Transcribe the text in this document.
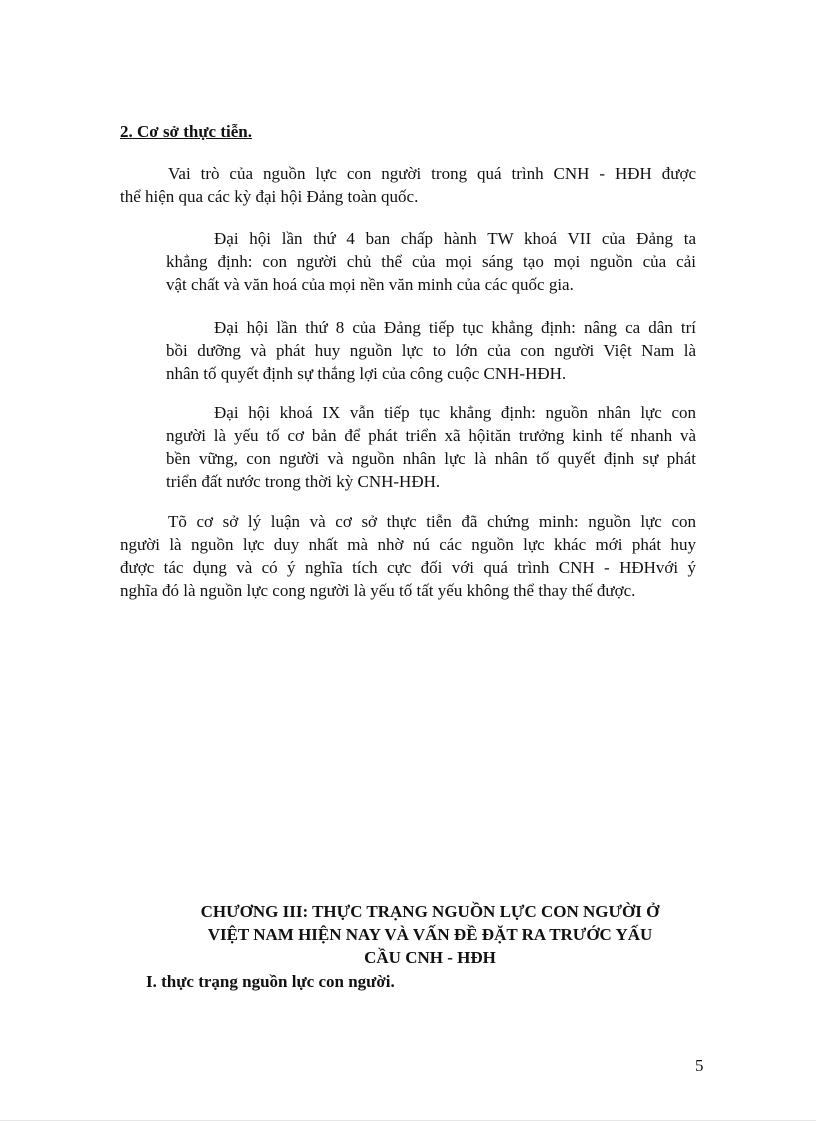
2. Cơ sở thực tiễn.

Vai trò của nguồn lực con người trong quá trình CNH - HĐH được
thể hiện qua các kỳ đại hội Đảng toàn quốc.

Đại hội lần thứ 4 ban chấp hành TW khoá VII của Đảng ta
khẳng định: con người chủ thể của mọi sáng tạo mọi nguồn của cải
vật chất và văn hoá của mọi nền văn minh của các quốc gia.

Đại hội lần thứ 8 của Đảng tiếp tục khẳng định: nâng ca dân trí
bồi dưỡng và phát huy nguồn lực to lớn của con người Việt Nam là
nhân tố quyết định sự thắng lợi của công cuộc CNH-HĐH.

Đại hội khoá IX vẫn tiếp tục khẳng định: nguồn nhân lực con
người là yếu tố cơ bản để phát triển xã hộităn trưởng kinh tế nhanh và
bền vững, con người và nguồn nhân lực là nhân tố quyết định sự phát
triển đất nước trong thời kỳ CNH-HĐH.

Tõ cơ sở lý luận và cơ sở thực tiễn đã chứng minh: nguồn lực con
người là nguồn lực duy nhất mà nhờ nú các nguồn lực khác mới phát huy
được tác dụng và có ý nghĩa tích cực đối với quá trình CNH - HĐHvới ý
nghĩa đó là nguồn lực cong người là yếu tố tất yếu không thể thay thế được.

CHƯƠNG III: THỰC TRẠNG NGUỒN LỰC CON NGƯỜI Ở
VIỆT NAM HIỆN NAY VÀ VẤN ĐỀ ĐẶT RA TRƯỚC YẤU
CẦU CNH - HĐH

I. thực trạng nguồn lực con người.

5
